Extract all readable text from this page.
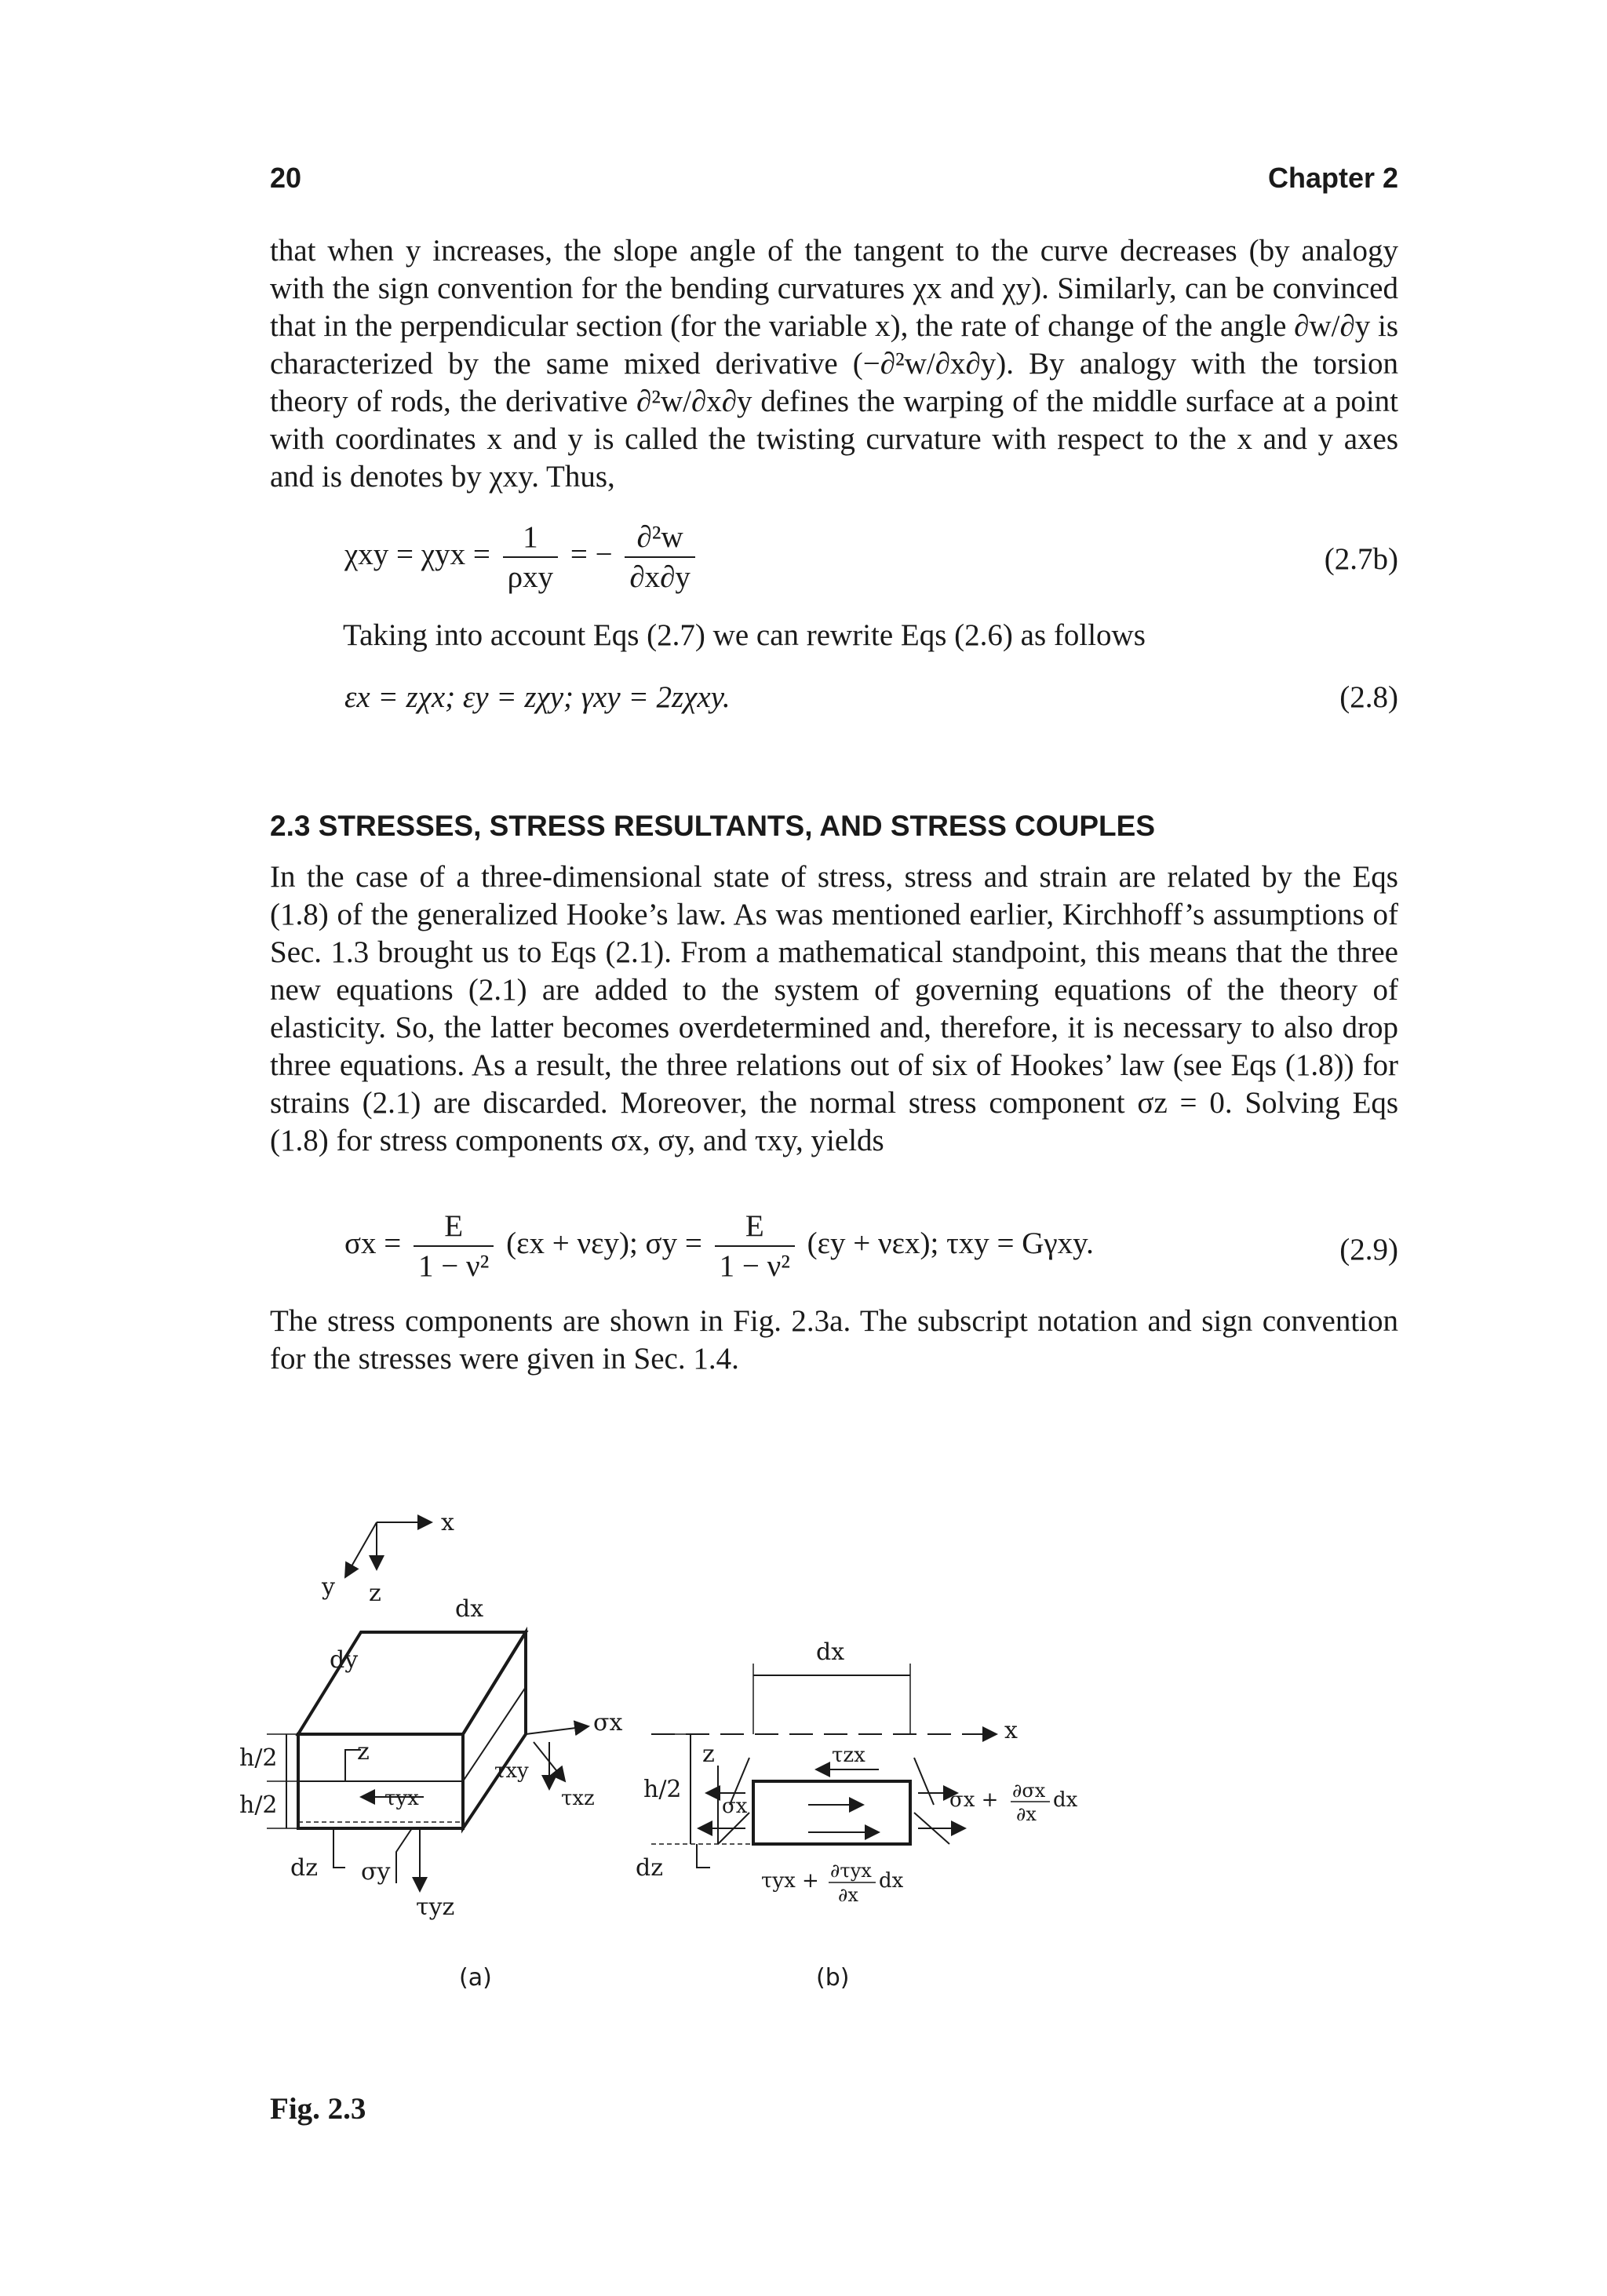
20	Chapter 2

that when y increases, the slope angle of the tangent to the curve decreases (by analogy with the sign convention for the bending curvatures χx and χy). Similarly, can be convinced that in the perpendicular section (for the variable x), the rate of change of the angle ∂w/∂y is characterized by the same mixed derivative (−∂²w/∂x∂y). By analogy with the torsion theory of rods, the derivative ∂²w/∂x∂y defines the warping of the middle surface at a point with coordinates x and y is called the twisting curvature with respect to the x and y axes and is denotes by χxy. Thus,

χxy = χyx =
1
ρxy
= − $\frac{\text{∂²w}}{\partial x\partial y}$	(2.7b)
Taking into account Eqs (2.7) we can rewrite Eqs (2.6) as follows
εx = zχx; εy = zχy; γxy = 2zχxy.	(2.8)
2.3 STRESSES, STRESS RESULTANTS, AND STRESS COUPLES

In the case of a three-dimensional state of stress, stress and strain are related by the Eqs (1.8) of the generalized Hooke’s law. As was mentioned earlier, Kirchhoff’s assumptions of Sec. 1.3 brought us to Eqs (2.1). From a mathematical standpoint, this means that the three new equations (2.1) are added to the system of governing equations of the theory of elasticity. So, the latter becomes overdetermined and, therefore, it is necessary to also drop three equations. As a result, the three relations out of six of Hookes’ law (see Eqs (1.8)) for strains (2.1) are discarded. Moreover, the normal stress component σz = 0. Solving Eqs (1.8) for stress components σx, σy, and τxy, yields

$\sigma x = \frac{E}{\text{1 − ν²}} (\varepsilon x + \nu\varepsilon y)$; $\sigma y = \frac{E}{\text{1 − ν²}} (\varepsilon y + \nu\varepsilon x)$; τxy = Gγxy.	(2.9)

The stress components are shown in Fig. 2.3a. The subscript notation and sign convention for the stresses were given in Sec. 1.4.

x
y z
dx
dy
h/2
h/2
z
dz
σx
τyx
τxy
τxz
σy
τyz
(a)
dx
x
z
h/2
σx
τzx
σx + ∂σx
∂x
dx
dz	τyx + ∂τyx
∂x
dx
(b)
Fig. 2.3
